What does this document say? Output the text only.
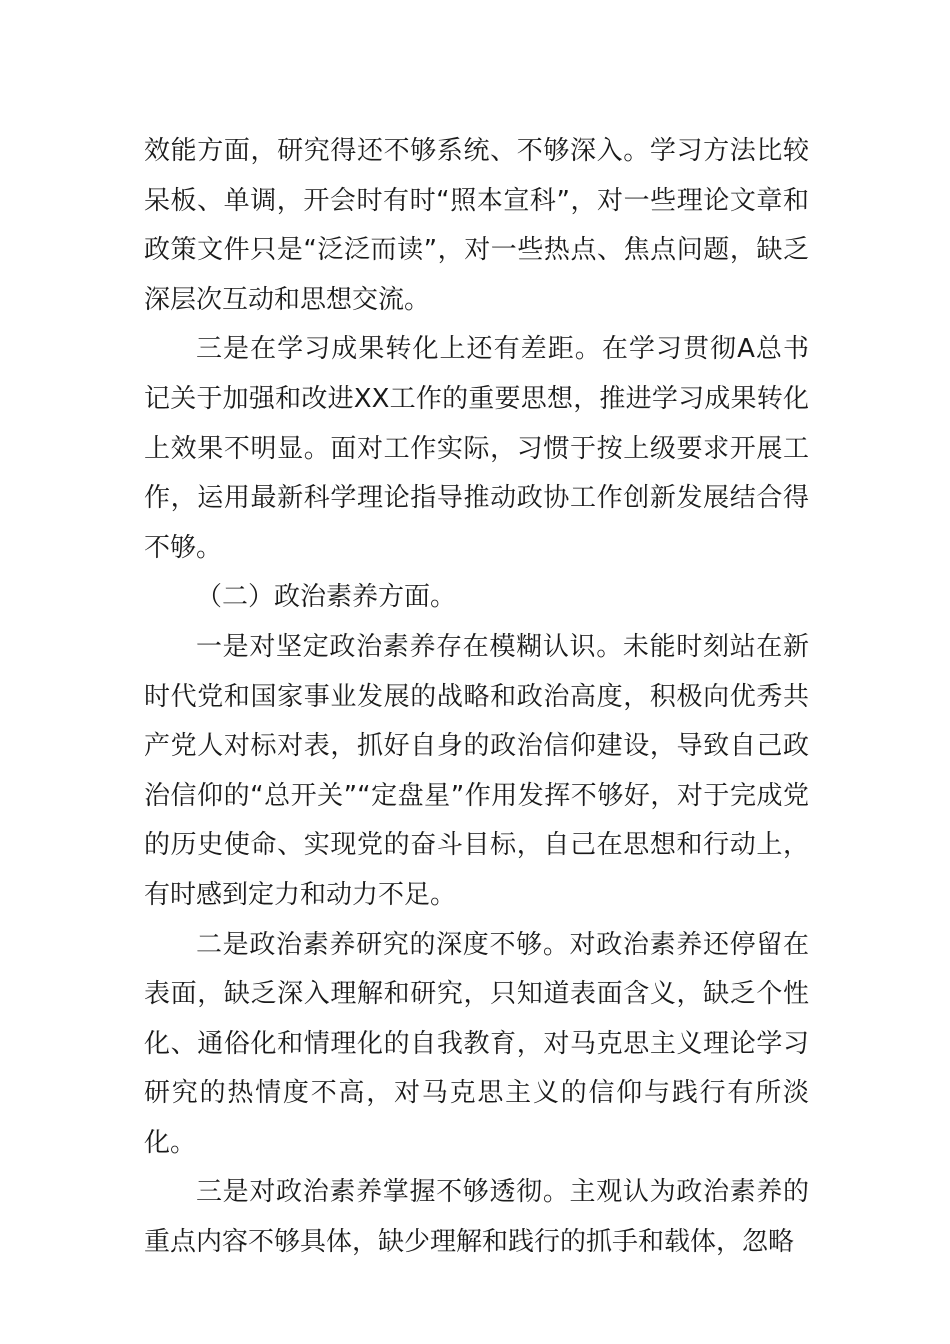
效能方面，研究得还不够系统、不够深入。学习方法比较呆板、单调，开会时有时“照本宣科”，对一些理论文章和政策文件只是“泛泛而读”，对一些热点、焦点问题，缺乏深层次互动和思想交流。

三是在学习成果转化上还有差距。在学习贯彻A总书记关于加强和改进XX工作的重要思想，推进学习成果转化上效果不明显。面对工作实际，习惯于按上级要求开展工作，运用最新科学理论指导推动政协工作创新发展结合得不够。

（二）政治素养方面。

一是对坚定政治素养存在模糊认识。未能时刻站在新时代党和国家事业发展的战略和政治高度，积极向优秀共产党人对标对表，抓好自身的政治信仰建设，导致自己政治信仰的“总开关”“定盘星”作用发挥不够好，对于完成党的历史使命、实现党的奋斗目标，自己在思想和行动上，有时感到定力和动力不足。

二是政治素养研究的深度不够。对政治素养还停留在表面，缺乏深入理解和研究，只知道表面含义，缺乏个性化、通俗化和情理化的自我教育，对马克思主义理论学习研究的热情度不高，对马克思主义的信仰与践行有所淡化。

三是对政治素养掌握不够透彻。主观认为政治素养的重点内容不够具体，缺少理解和践行的抓手和载体，忽略
